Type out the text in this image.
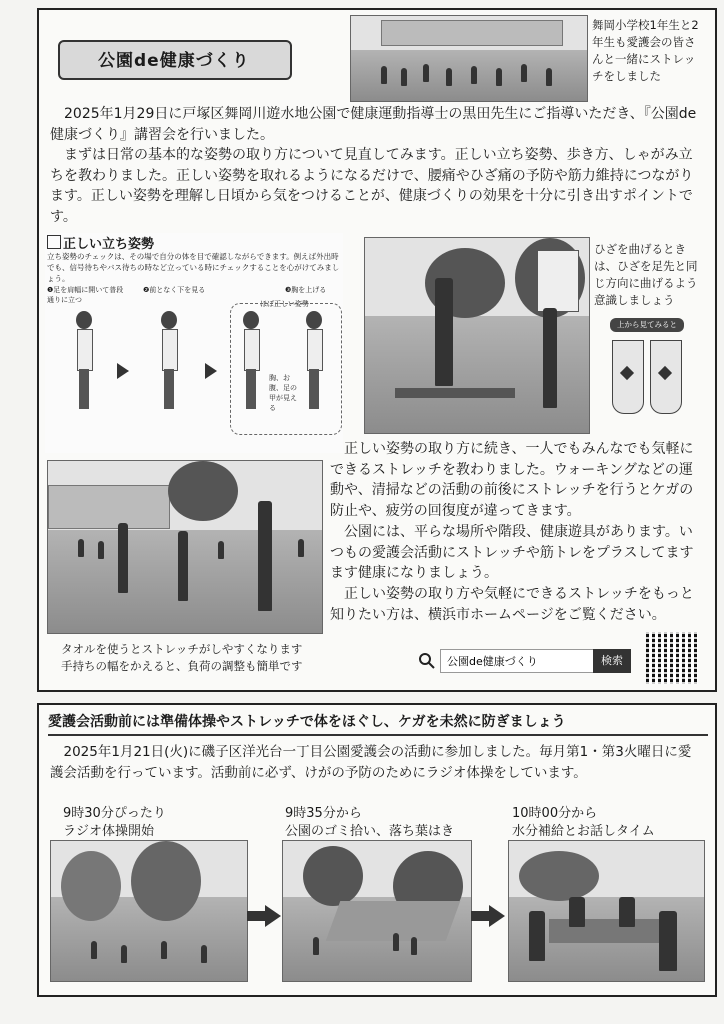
公園de健康づくり
舞岡小学校1年生と2年生も愛護会の皆さんと一緒にストレッチをしました
2025年1月29日に戸塚区舞岡川遊水地公園で健康運動指導士の黒田先生にご指導いただき、『公園de健康づくり』講習会を行いました。
まずは日常の基本的な姿勢の取り方について見直してみます。正しい立ち姿勢、歩き方、しゃがみ立ちを教わりました。正しい姿勢を取れるようになるだけで、腰痛やひざ痛の予防や筋力維持につながります。正しい姿勢を理解し日頃から気をつけることが、健康づくりの効果を十分に引き出すポイントです。
正しい立ち姿勢
立ち姿勢のチェックは、その場で自分の体を目で確認しながらできます。例えば外出時でも、信号待ちやバス待ちの時など立っている時にチェックすることを心がけてみましょう。
❶足を肩幅に開いて普段通りに立つ
❷前となく下を見る	❸胸を上げる
ほぼ正しい姿勢
胸、お腹、足の甲が見える
ひざを曲げるときは、ひざを足先と同じ方向に曲げるよう意識しましょう
上から見てみると
正しい姿勢の取り方に続き、一人でもみんなでも気軽にできるストレッチを教わりました。ウォーキングなどの運動や、清掃などの活動の前後にストレッチを行うとケガの防止や、疲労の回復度が違ってきます。
公園には、平らな場所や階段、健康遊具があります。いつもの愛護会活動にストレッチや筋トレをプラスしてますます健康になりましょう。
正しい姿勢の取り方や気軽にできるストレッチをもっと知りたい方は、横浜市ホームページをご覧ください。
タオルを使うとストレッチがしやすくなります
手持ちの幅をかえると、負荷の調整も簡単です
公園de健康づくり	検索
愛護会活動前には準備体操やストレッチで体をほぐし、ケガを未然に防ぎましょう
2025年1月21日(火)に磯子区洋光台一丁目公園愛護会の活動に参加しました。毎月第1・第3火曜日に愛護会活動を行っています。活動前に必ず、けがの予防のためにラジオ体操をしています。
9時30分ぴったり
ラジオ体操開始
9時35分から
公園のゴミ拾い、落ち葉はき
10時00分から
水分補給とお話しタイム
